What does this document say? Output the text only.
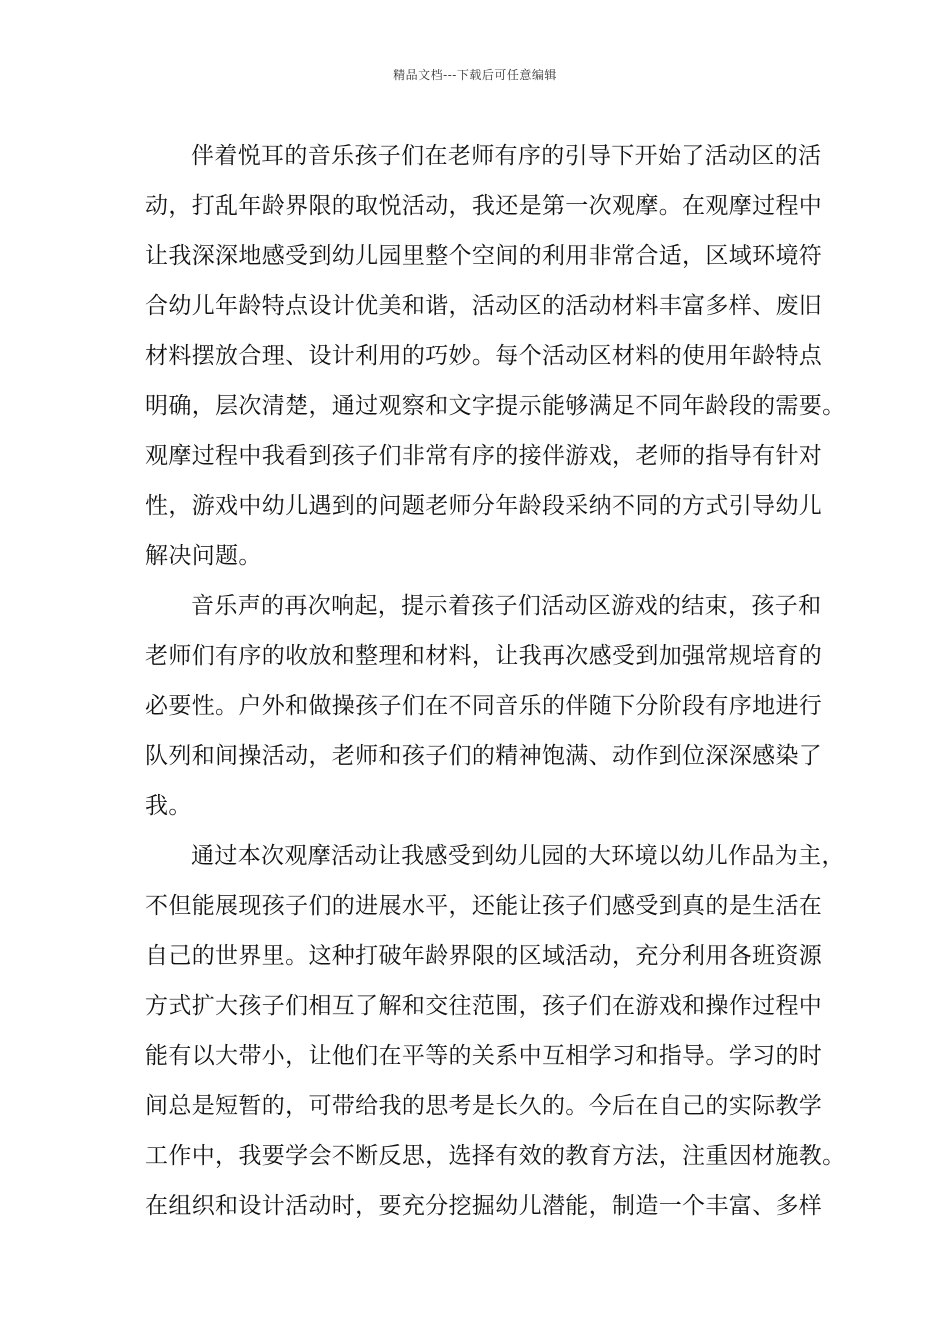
精品文档---下载后可任意编辑
伴着悦耳的音乐孩子们在老师有序的引导下开始了活动区的活
动，打乱年龄界限的取悦活动，我还是第一次观摩。在观摩过程中
让我深深地感受到幼儿园里整个空间的利用非常合适，区域环境符
合幼儿年龄特点设计优美和谐，活动区的活动材料丰富多样、废旧
材料摆放合理、设计利用的巧妙。每个活动区材料的使用年龄特点
明确，层次清楚，通过观察和文字提示能够满足不同年龄段的需要。
观摩过程中我看到孩子们非常有序的接伴游戏，老师的指导有针对
性，游戏中幼儿遇到的问题老师分年龄段采纳不同的方式引导幼儿
解决问题。
音乐声的再次响起，提示着孩子们活动区游戏的结束，孩子和
老师们有序的收放和整理和材料，让我再次感受到加强常规培育的
必要性。户外和做操孩子们在不同音乐的伴随下分阶段有序地进行
队列和间操活动，老师和孩子们的精神饱满、动作到位深深感染了
我。
通过本次观摩活动让我感受到幼儿园的大环境以幼儿作品为主，
不但能展现孩子们的进展水平，还能让孩子们感受到真的是生活在
自己的世界里。这种打破年龄界限的区域活动，充分利用各班资源
方式扩大孩子们相互了解和交往范围，孩子们在游戏和操作过程中
能有以大带小，让他们在平等的关系中互相学习和指导。学习的时
间总是短暂的，可带给我的思考是长久的。今后在自己的实际教学
工作中，我要学会不断反思，选择有效的教育方法，注重因材施教。
在组织和设计活动时，要充分挖掘幼儿潜能，制造一个丰富、多样
